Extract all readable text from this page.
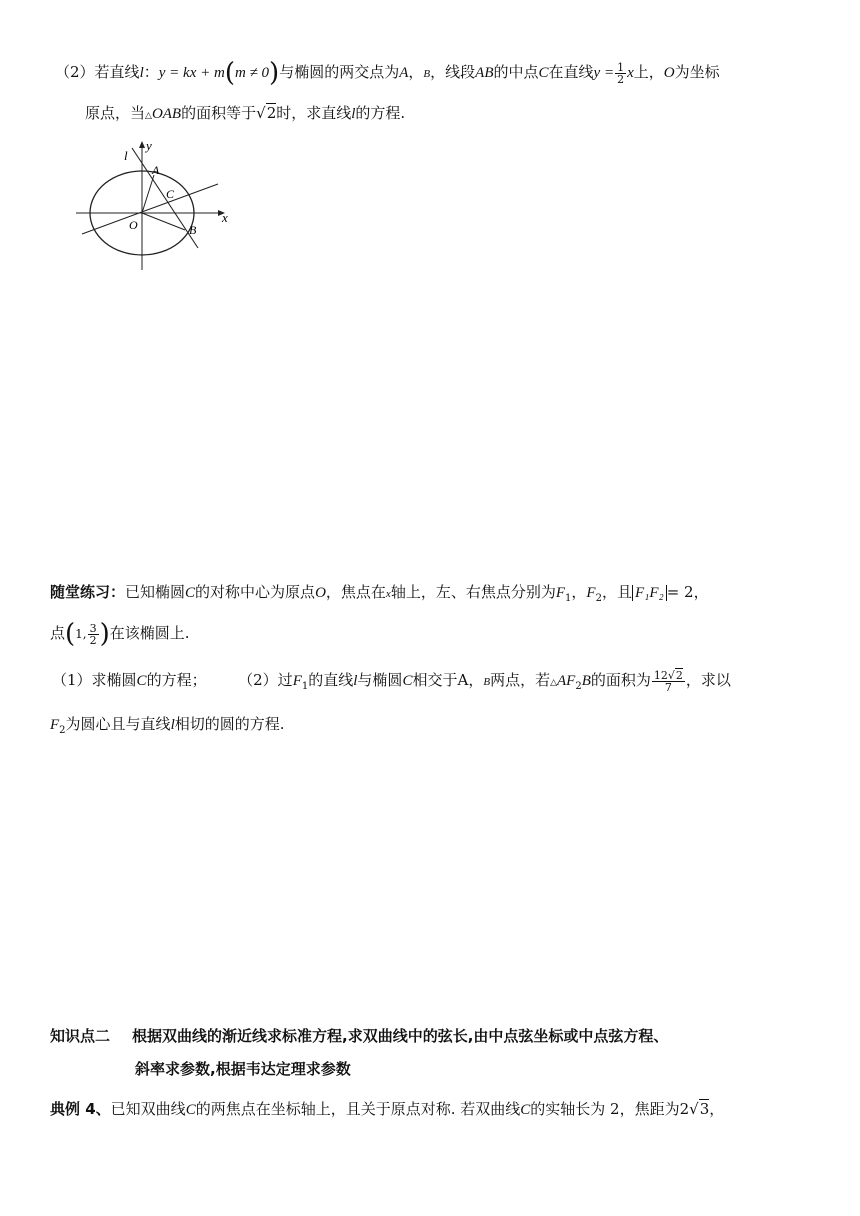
（2）若直线l：y = kx + m(m ≠ 0)与椭圆的两交点为A，B，线段AB的中点C在直线$y = \frac{1}{2}$ x上，O为坐标
原点，当△OAB的面积等于√2时，求直线l的方程.
l
y
A
C
x
O	B
随堂练习：已知椭圆C的对称中心为原点O，焦点在x轴上，左、右焦点分别为$F_1$，$F_2$，且 F₁F₂ = 2，
点(1, $\frac{3}{2}$ )在该椭圆上.
（1）求椭圆C的方程； （2）过$F_1$的直线l与椭圆C相交于A，B两点，若$\triangle AF_2B$的面积为 $\frac{12√2}{7}$ ，求以
$F_2$为圆心且与直线l相切的圆的方程.
知识点二 根据双曲线的渐近线求标准方程,求双曲线中的弦长,由中点弦坐标或中点弦方程、
斜率求参数,根据韦达定理求参数
典例 4、已知双曲线C的两焦点在坐标轴上，且关于原点对称. 若双曲线C的实轴长为 2，焦距为2√3，
